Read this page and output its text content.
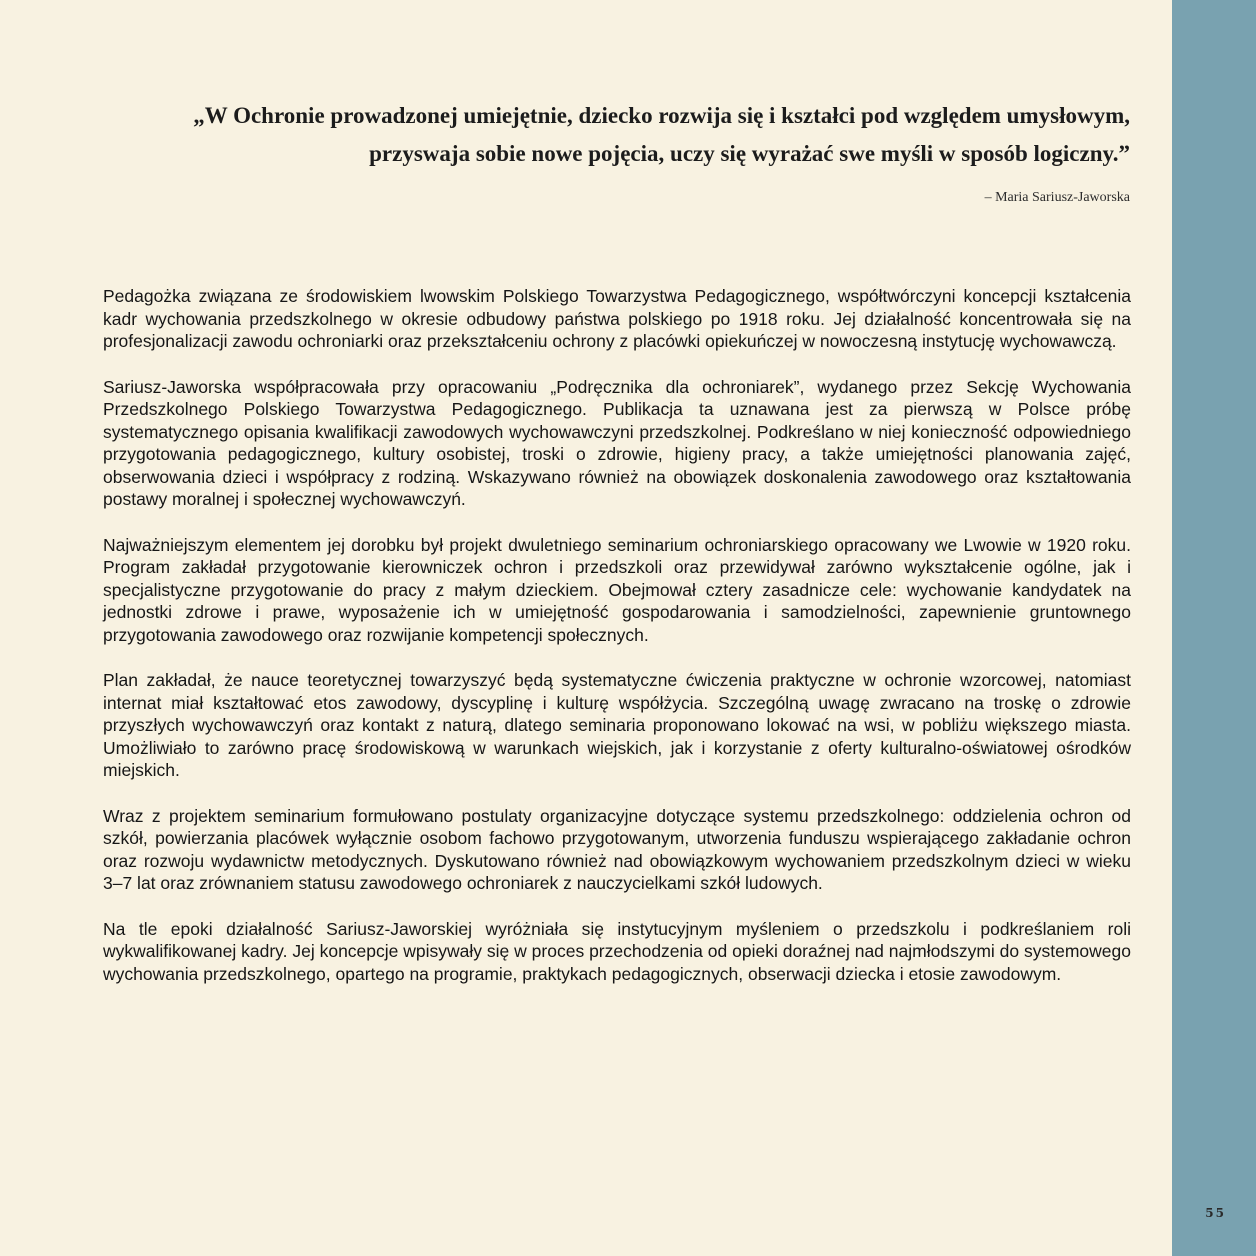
„W Ochronie prowadzonej umiejętnie, dziecko rozwija się i kształci pod względem umysłowym, przyswaja sobie nowe pojęcia, uczy się wyrażać swe myśli w sposób logiczny.”

– Maria Sariusz-Jaworska

Pedagożka związana ze środowiskiem lwowskim Polskiego Towarzystwa Pedagogicznego, współtwórczyni koncepcji kształcenia kadr wychowania przedszkolnego w okresie odbudowy państwa polskiego po 1918 roku. Jej działalność koncentrowała się na profesjonalizacji zawodu ochroniarki oraz przekształceniu ochrony z placówki opiekuńczej w nowoczesną instytucję wychowawczą.

Sariusz-Jaworska współpracowała przy opracowaniu „Podręcznika dla ochroniarek”, wydanego przez Sekcję Wychowania Przedszkolnego Polskiego Towarzystwa Pedagogicznego. Publikacja ta uznawana jest za pierwszą w Polsce próbę systematycznego opisania kwalifikacji zawodowych wychowawczyni przedszkolnej. Podkreślano w niej konieczność odpowiedniego przygotowania pedagogicznego, kultury osobistej, troski o zdrowie, higieny pracy, a także umiejętności planowania zajęć, obserwowania dzieci i współpracy z rodziną. Wskazywano również na obowiązek doskonalenia zawodowego oraz kształtowania postawy moralnej i społecznej wychowawczyń.

Najważniejszym elementem jej dorobku był projekt dwuletniego seminarium ochroniarskiego opracowany we Lwowie w 1920 roku. Program zakładał przygotowanie kierowniczek ochron i przedszkoli oraz przewidywał zarówno wykształcenie ogólne, jak i specjalistyczne przygotowanie do pracy z małym dzieckiem. Obejmował cztery zasadnicze cele: wychowanie kandydatek na jednostki zdrowe i prawe, wyposażenie ich w umiejętność gospodarowania i samodzielności, zapewnienie gruntownego przygotowania zawodowego oraz rozwijanie kompetencji społecznych.

Plan zakładał, że nauce teoretycznej towarzyszyć będą systematyczne ćwiczenia praktyczne w ochronie wzorcowej, natomiast internat miał kształtować etos zawodowy, dyscyplinę i kulturę współżycia. Szczególną uwagę zwracano na troskę o zdrowie przyszłych wychowawczyń oraz kontakt z naturą, dlatego seminaria proponowano lokować na wsi, w pobliżu większego miasta. Umożliwiało to zarówno pracę środowiskową w warunkach wiejskich, jak i korzystanie z oferty kulturalno-oświatowej ośrodków miejskich.

Wraz z projektem seminarium formułowano postulaty organizacyjne dotyczące systemu przedszkolnego: oddzielenia ochron od szkół, powierzania placówek wyłącznie osobom fachowo przygotowanym, utworzenia funduszu wspierającego zakładanie ochron oraz rozwoju wydawnictw metodycznych. Dyskutowano również nad obowiązkowym wychowaniem przedszkolnym dzieci w wieku 3–7 lat oraz zrównaniem statusu zawodowego ochroniarek z nauczycielkami szkół ludowych.

Na tle epoki działalność Sariusz-Jaworskiej wyróżniała się instytucyjnym myśleniem o przedszkolu i podkreślaniem roli wykwalifikowanej kadry. Jej koncepcje wpisywały się w proces przechodzenia od opieki doraźnej nad najmłodszymi do systemowego wychowania przedszkolnego, opartego na programie, praktykach pedagogicznych, obserwacji dziecka i etosie zawodowym.

55
